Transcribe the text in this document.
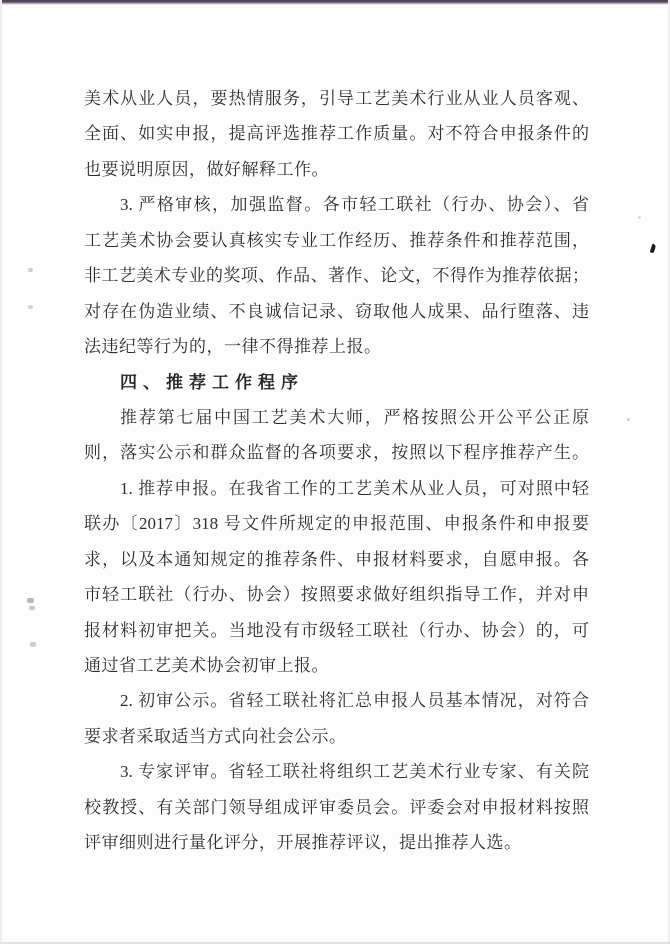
美术从业人员，要热情服务，引导工艺美术行业从业人员客观、
全面、如实申报，提高评选推荐工作质量。对不符合申报条件的
也要说明原因，做好解释工作。
3. 严格审核，加强监督。各市轻工联社（行办、协会）、省
工艺美术协会要认真核实专业工作经历、推荐条件和推荐范围，
非工艺美术专业的奖项、作品、著作、论文，不得作为推荐依据；
对存在伪造业绩、不良诚信记录、窃取他人成果、品行堕落、违
法违纪等行为的，一律不得推荐上报。
四、推荐工作程序
推荐第七届中国工艺美术大师，严格按照公开公平公正原
则，落实公示和群众监督的各项要求，按照以下程序推荐产生。
1. 推荐申报。在我省工作的工艺美术从业人员，可对照中轻
联办〔2017〕318 号文件所规定的申报范围、申报条件和申报要
求，以及本通知规定的推荐条件、申报材料要求，自愿申报。各
市轻工联社（行办、协会）按照要求做好组织指导工作，并对申
报材料初审把关。当地没有市级轻工联社（行办、协会）的，可
通过省工艺美术协会初审上报。
2. 初审公示。省轻工联社将汇总申报人员基本情况，对符合
要求者采取适当方式向社会公示。
3. 专家评审。省轻工联社将组织工艺美术行业专家、有关院
校教授、有关部门领导组成评审委员会。评委会对申报材料按照
评审细则进行量化评分，开展推荐评议，提出推荐人选。
